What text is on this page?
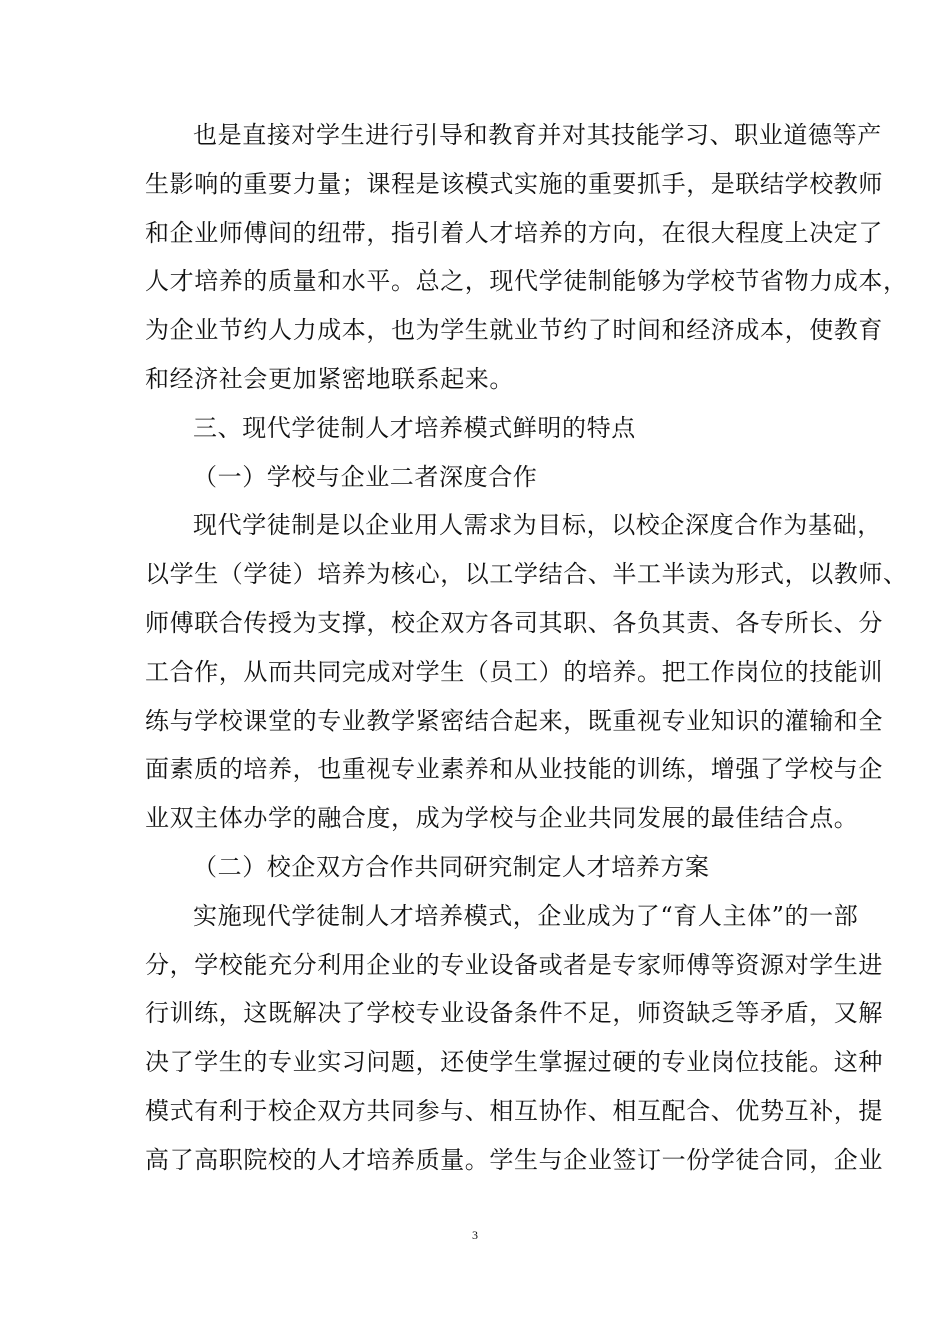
也是直接对学生进行引导和教育并对其技能学习、职业道德等产
生影响的重要力量；课程是该模式实施的重要抓手，是联结学校教师
和企业师傅间的纽带，指引着人才培养的方向，在很大程度上决定了
人才培养的质量和水平。总之，现代学徒制能够为学校节省物力成本，
为企业节约人力成本，也为学生就业节约了时间和经济成本，使教育
和经济社会更加紧密地联系起来。
三、现代学徒制人才培养模式鲜明的特点
（一）学校与企业二者深度合作
现代学徒制是以企业用人需求为目标，以校企深度合作为基础，
以学生（学徒）培养为核心，以工学结合、半工半读为形式，以教师、
师傅联合传授为支撑，校企双方各司其职、各负其责、各专所长、分
工合作，从而共同完成对学生（员工）的培养。把工作岗位的技能训
练与学校课堂的专业教学紧密结合起来，既重视专业知识的灌输和全
面素质的培养，也重视专业素养和从业技能的训练，增强了学校与企
业双主体办学的融合度，成为学校与企业共同发展的最佳结合点。
（二）校企双方合作共同研究制定人才培养方案
实施现代学徒制人才培养模式，企业成为了“育人主体”的一部
分，学校能充分利用企业的专业设备或者是专家师傅等资源对学生进
行训练，这既解决了学校专业设备条件不足，师资缺乏等矛盾，又解
决了学生的专业实习问题，还使学生掌握过硬的专业岗位技能。这种
模式有利于校企双方共同参与、相互协作、相互配合、优势互补，提
高了高职院校的人才培养质量。学生与企业签订一份学徒合同，企业
3
